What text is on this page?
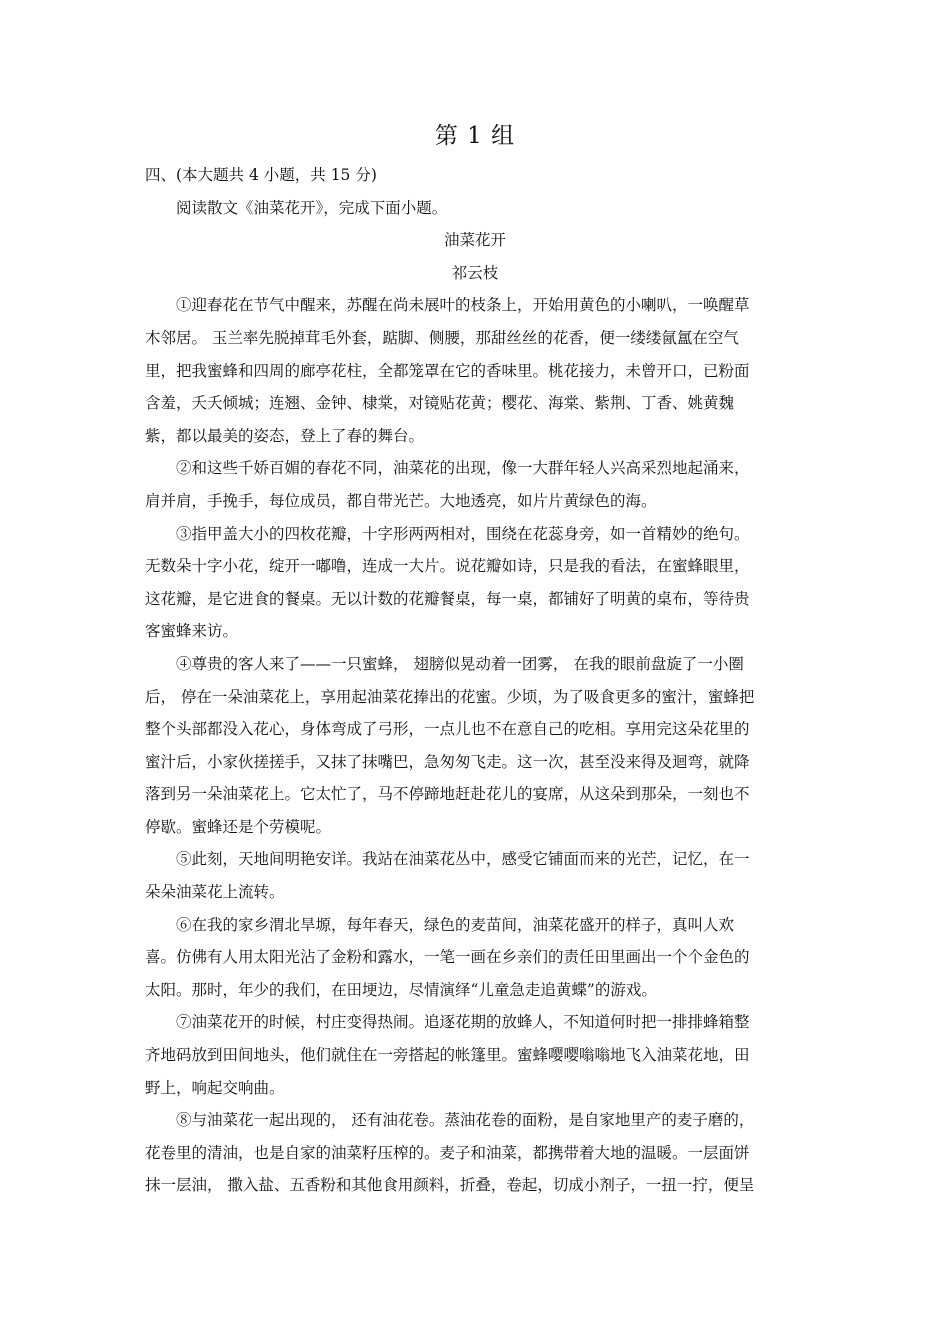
第 1 组
四、(本大题共 4 小题，共 15 分)
阅读散文《油菜花开》，完成下面小题。
油菜花开
祁云枝
①迎春花在节气中醒来，苏醒在尚未展叶的枝条上，开始用黄色的小喇叭，一唤醒草
木邻居。 玉兰率先脱掉茸毛外套，踮脚、侧腰，那甜丝丝的花香，便一缕缕氤氲在空气
里，把我蜜蜂和四周的廊亭花柱，全都笼罩在它的香味里。桃花接力，未曾开口，已粉面
含羞，夭夭倾城；连翘、金钟、棣棠，对镜贴花黄；樱花、海棠、紫荆、丁香、姚黄魏
紫，都以最美的姿态，登上了春的舞台。
②和这些千娇百媚的春花不同，油菜花的出现，像一大群年轻人兴高采烈地起涌来，
肩并肩，手挽手，每位成员，都自带光芒。大地透亮，如片片黄绿色的海。
③指甲盖大小的四枚花瓣，十字形两两相对，围绕在花蕊身旁，如一首精妙的绝句。
无数朵十字小花，绽开一嘟噜，连成一大片。说花瓣如诗，只是我的看法，在蜜蜂眼里，
这花瓣，是它进食的餐桌。无以计数的花瓣餐桌，每一桌，都铺好了明黄的桌布，等待贵
客蜜蜂来访。
④尊贵的客人来了——一只蜜蜂， 翅膀似晃动着一团雾， 在我的眼前盘旋了一小圈
后， 停在一朵油菜花上，享用起油菜花捧出的花蜜。少顷，为了吸食更多的蜜汁，蜜蜂把
整个头部都没入花心，身体弯成了弓形，一点儿也不在意自己的吃相。享用完这朵花里的
蜜汁后，小家伙搓搓手，又抹了抹嘴巴，急匆匆飞走。这一次，甚至没来得及迴弯，就降
落到另一朵油菜花上。它太忙了，马不停蹄地赶赴花儿的宴席，从这朵到那朵，一刻也不
停歇。蜜蜂还是个劳模呢。
⑤此刻，天地间明艳安详。我站在油菜花丛中，感受它铺面而来的光芒，记忆，在一
朵朵油菜花上流转。
⑥在我的家乡渭北旱塬，每年春天，绿色的麦苗间，油菜花盛开的样子，真叫人欢
喜。仿佛有人用太阳光沾了金粉和露水，一笔一画在乡亲们的责任田里画出一个个金色的
太阳。那时，年少的我们，在田埂边，尽情演绎“儿童急走追黄蝶”的游戏。
⑦油菜花开的时候，村庄变得热闹。追逐花期的放蜂人，不知道何时把一排排蜂箱整
齐地码放到田间地头，他们就住在一旁搭起的帐篷里。蜜蜂嘤嘤嗡嗡地飞入油菜花地，田
野上，响起交响曲。
⑧与油菜花一起出现的， 还有油花卷。蒸油花卷的面粉，是自家地里产的麦子磨的，
花卷里的清油，也是自家的油菜籽压榨的。麦子和油菜，都携带着大地的温暖。一层面饼
抹一层油， 撒入盐、五香粉和其他食用颜料，折叠，卷起，切成小剂子，一扭一拧，便呈
